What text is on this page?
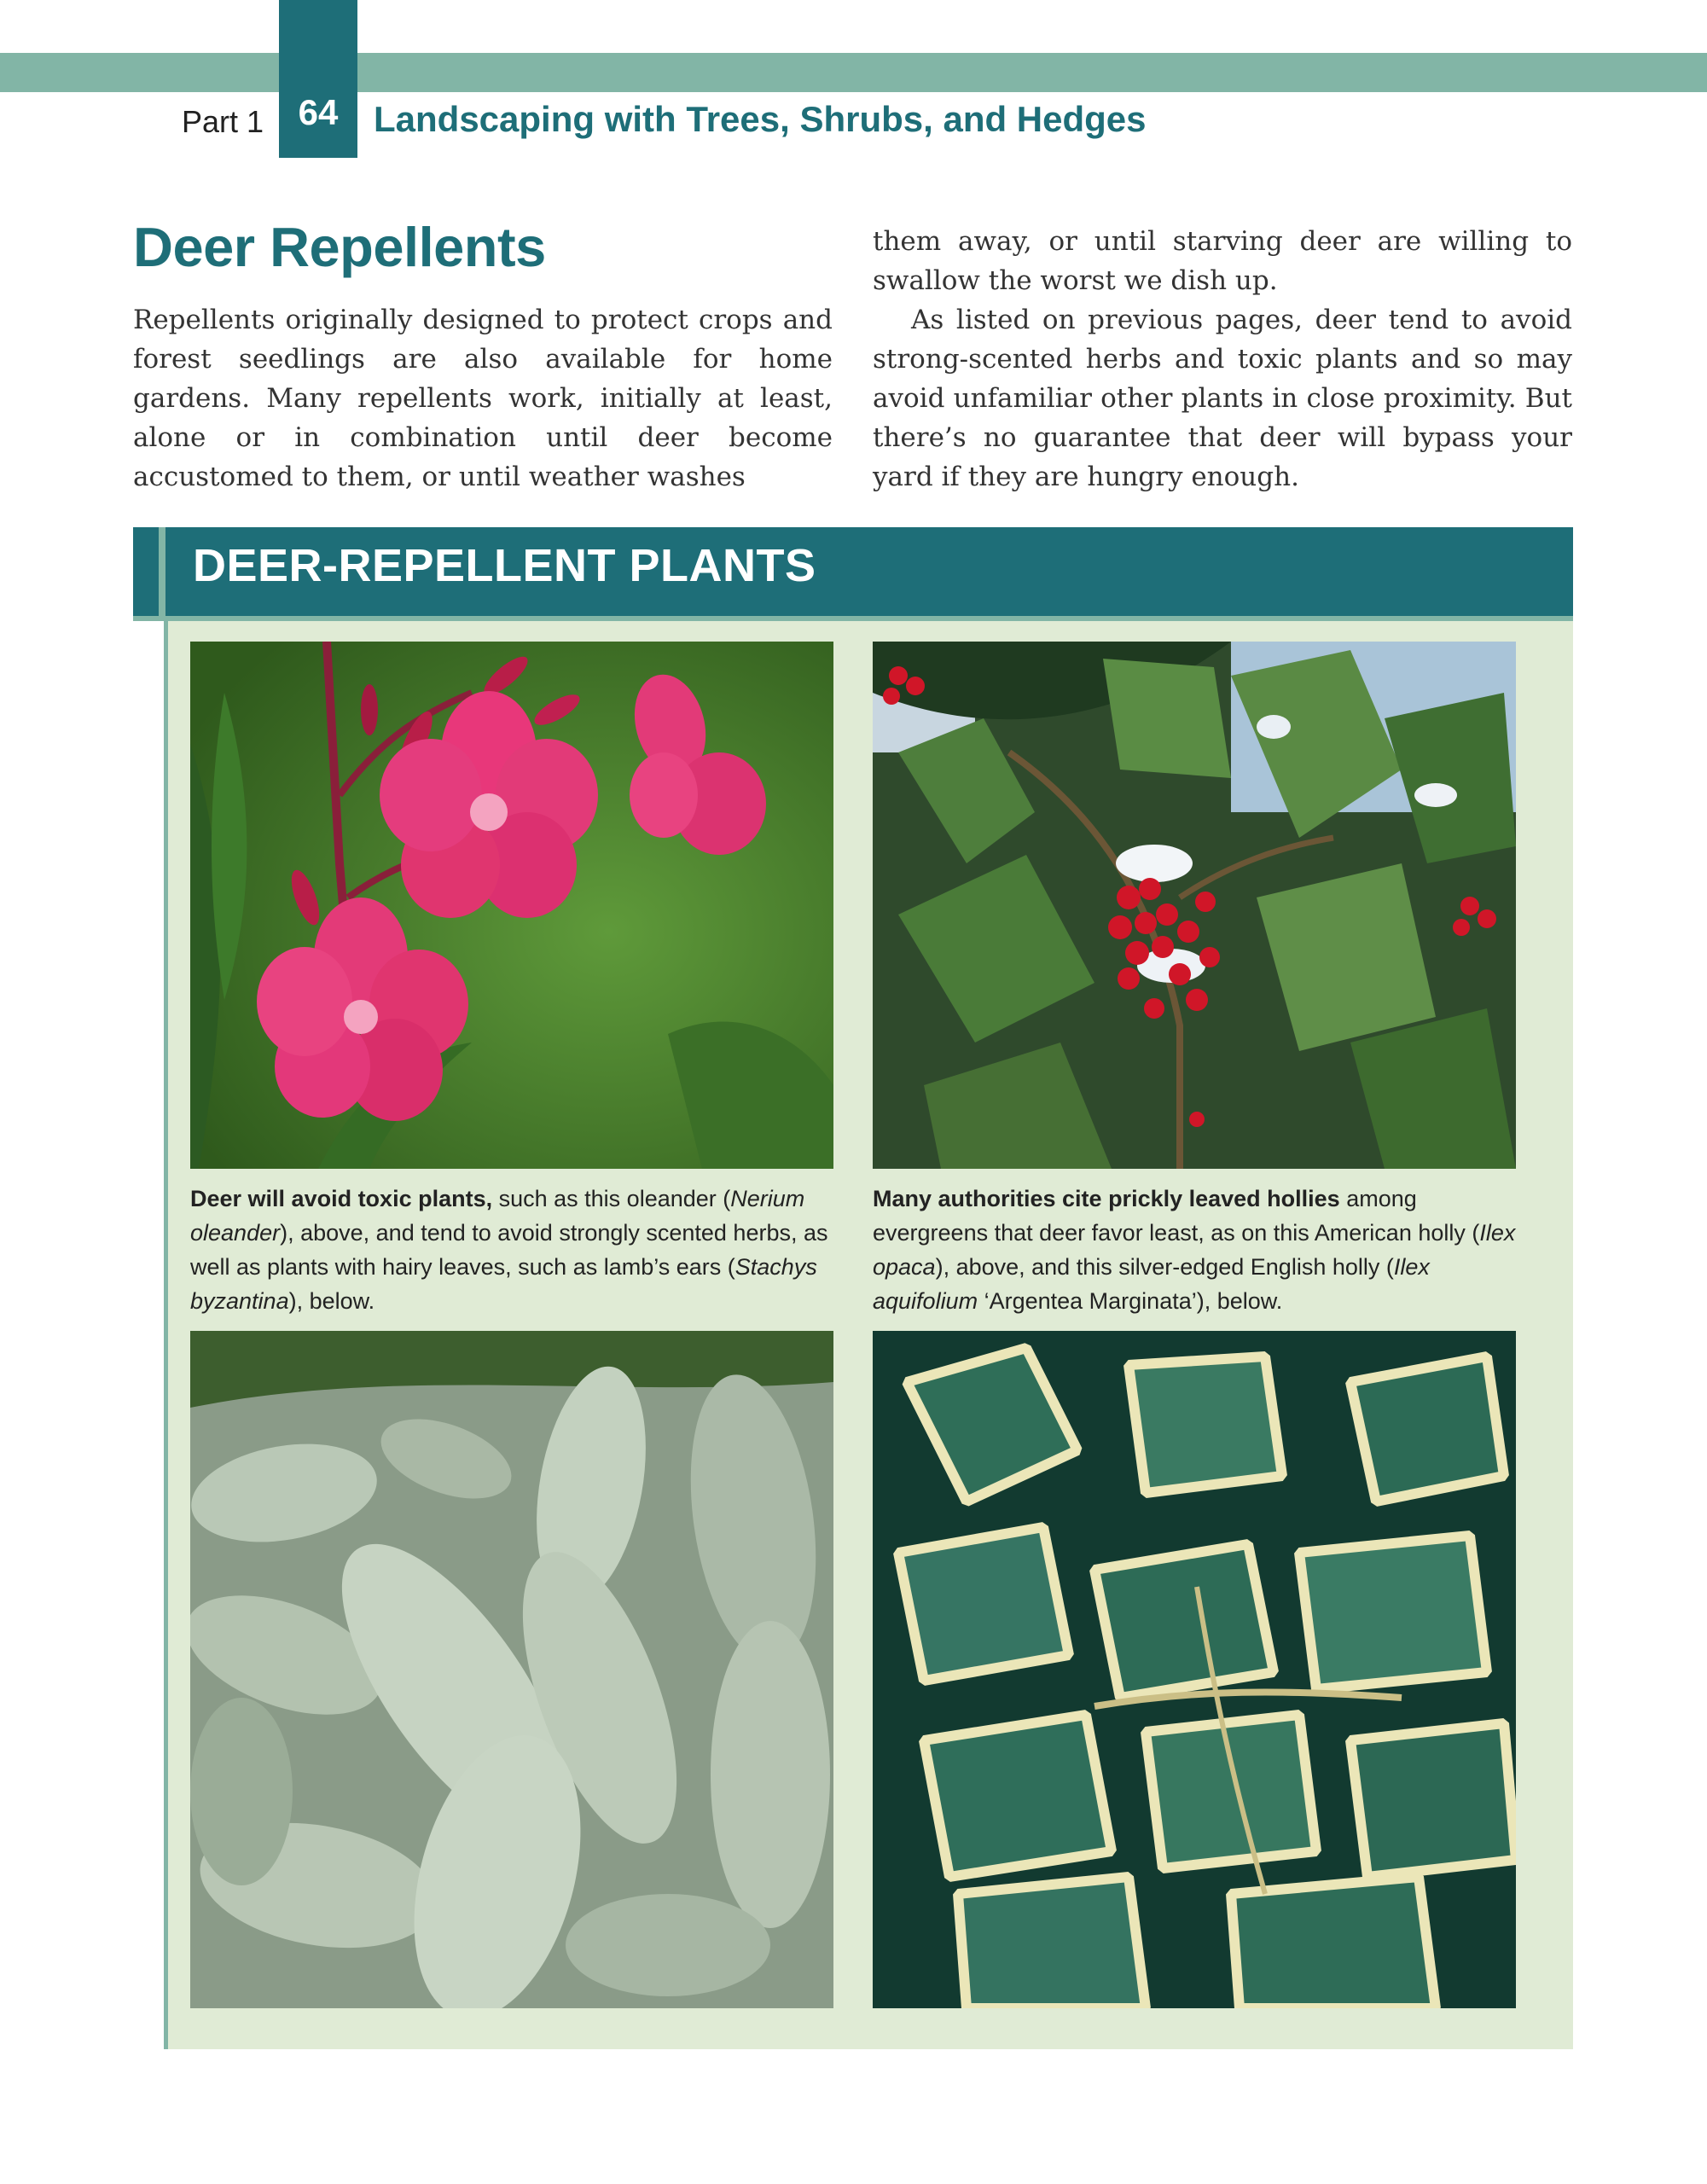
64
Part 1	Landscaping with Trees, Shrubs, and Hedges
Deer Repellents

Repellents originally designed to protect crops and forest seedlings are also available for home gardens. Many repellents work, initially at least, alone or in combination until deer become accustomed to them, or until weather washes

them away, or until starving deer are willing to swallow the worst we dish up.

As listed on previous pages, deer tend to avoid strong-scented herbs and toxic plants and so may avoid unfamiliar other plants in close proximity. But there’s no guarantee that deer will bypass your yard if they are hungry enough.

DEER-REPELLENT PLANTS

Deer will avoid toxic plants, such as this oleander (Nerium oleander), above, and tend to avoid strongly scented herbs, as well as plants with hairy leaves, such as lamb’s ears (Stachys byzantina), below.

Many authorities cite prickly leaved hollies among evergreens that deer favor least, as on this American holly (Ilex opaca), above, and this silver-edged English holly (Ilex aquifolium ‘Argentea Marginata’), below.
